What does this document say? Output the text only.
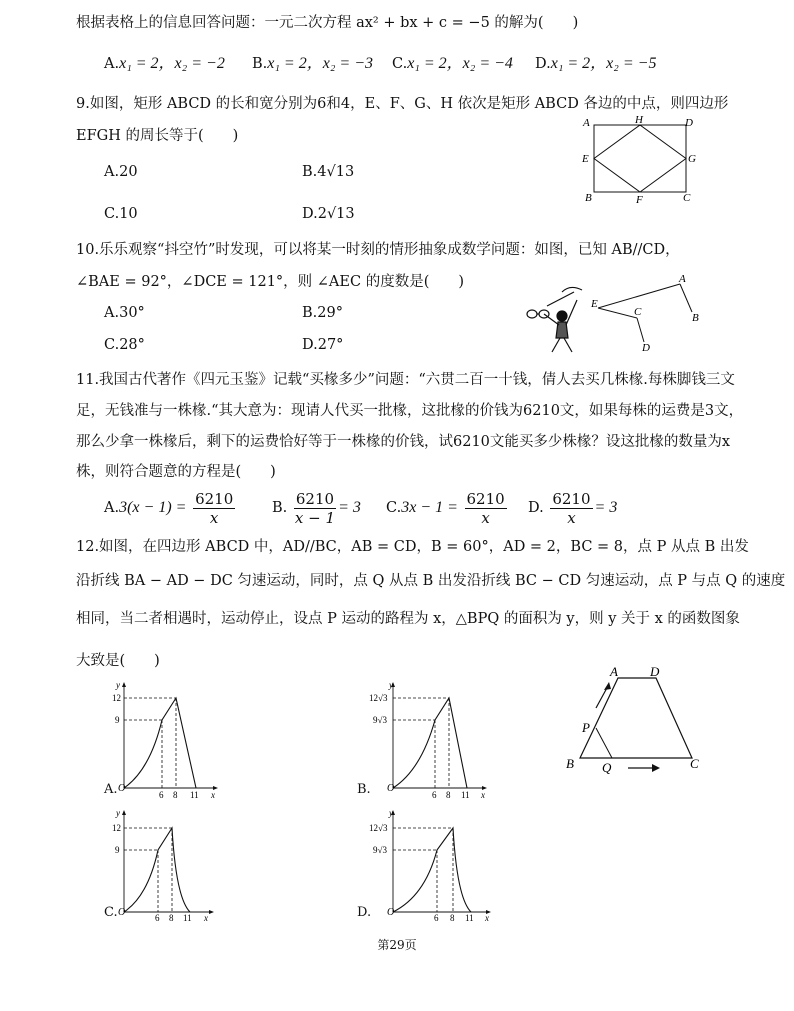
根据表格上的信息回答问题：一元二次方程 ax² + bx + c = −5 的解为(　　)
A.x₁ = 2，x₂ = −2 B.x₁ = 2，x₂ = −3 C.x₁ = 2，x₂ = −4 D.x₁ = 2，x₂ = −5
9.如图，矩形 ABCD 的长和宽分别为6和4，E、F、G、H 依次是矩形 ABCD 各边的中点，则四边形
EFGH 的周长等于(　　)
A.20	B.4√13
C.10	D.2√13
A	H	D
E	G
B	F	C
10.乐乐观察“抖空竹”时发现，可以将某一时刻的情形抽象成数学问题：如图，已知 AB//CD，
∠BAE = 92°，∠DCE = 121°，则 ∠AEC 的度数是(　　)
A.30°	B.29°
C.28°	D.27°
A
E
B
C
D
11.我国古代著作《四元玉鉴》记载“买椽多少”问题：“六贯二百一十钱，倩人去买几株椽.每株脚钱三文
足，无钱准与一株椽.“其大意为：现请人代买一批椽，这批椽的价钱为6210文，如果每株的运费是3文，
那么少拿一株椽后，剩下的运费恰好等于一株椽的价钱，试6210文能买多少株椽？设这批椽的数量为x
株，则符合题意的方程是(　　)
$A.3(x - 1) = \frac{6210}{x}$	B. $\frac{6210}{x - 1} = 3$ $C.3x - 1 = \frac{6210}{x} D$. $\frac{6210}{x} = 3$
12.如图，在四边形 ABCD 中，AD//BC，AB = CD，B = 60°，AD = 2，BC = 8，点 P 从点 B 出发
沿折线 BA − AD − DC 匀速运动，同时，点 Q 从点 B 出发沿折线 BC − CD 匀速运动，点 P 与点 Q 的速度
相同，当二者相遇时，运动停止，设点 P 运动的路程为 x，△BPQ 的面积为 y，则 y 关于 x 的函数图象
大致是(　　)
A D
P
B Q	C
A.
y
12
9
O
6 8 11 x	B.
y
12√3
9√3
O
6 8 11 x
C.
y
12
9
O	6 8 11 x	D.
y
12√3
9√3
O	6 8 11 x
第29页
